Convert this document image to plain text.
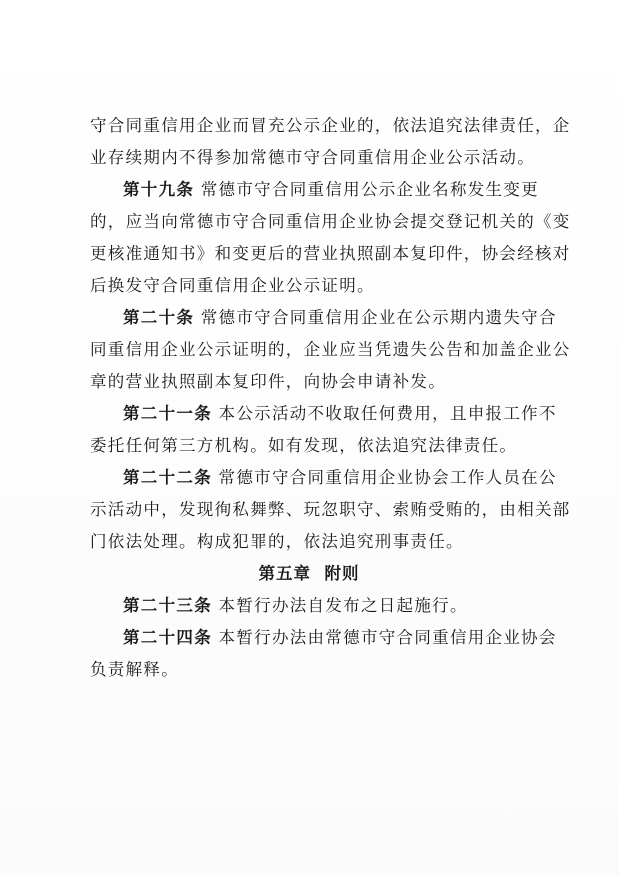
守合同重信用企业而冒充公示企业的，依法追究法律责任，企
业存续期内不得参加常德市守合同重信用企业公示活动。
第十九条 常德市守合同重信用公示企业名称发生变更
的，应当向常德市守合同重信用企业协会提交登记机关的《变
更核准通知书》和变更后的营业执照副本复印件，协会经核对
后换发守合同重信用企业公示证明。
第二十条 常德市守合同重信用企业在公示期内遗失守合
同重信用企业公示证明的，企业应当凭遗失公告和加盖企业公
章的营业执照副本复印件，向协会申请补发。
第二十一条 本公示活动不收取任何费用，且申报工作不
委托任何第三方机构。如有发现，依法追究法律责任。
第二十二条 常德市守合同重信用企业协会工作人员在公
示活动中，发现徇私舞弊、玩忽职守、索贿受贿的，由相关部
门依法处理。构成犯罪的，依法追究刑事责任。
第五章  附则
第二十三条 本暂行办法自发布之日起施行。
第二十四条 本暂行办法由常德市守合同重信用企业协会
负责解释。
